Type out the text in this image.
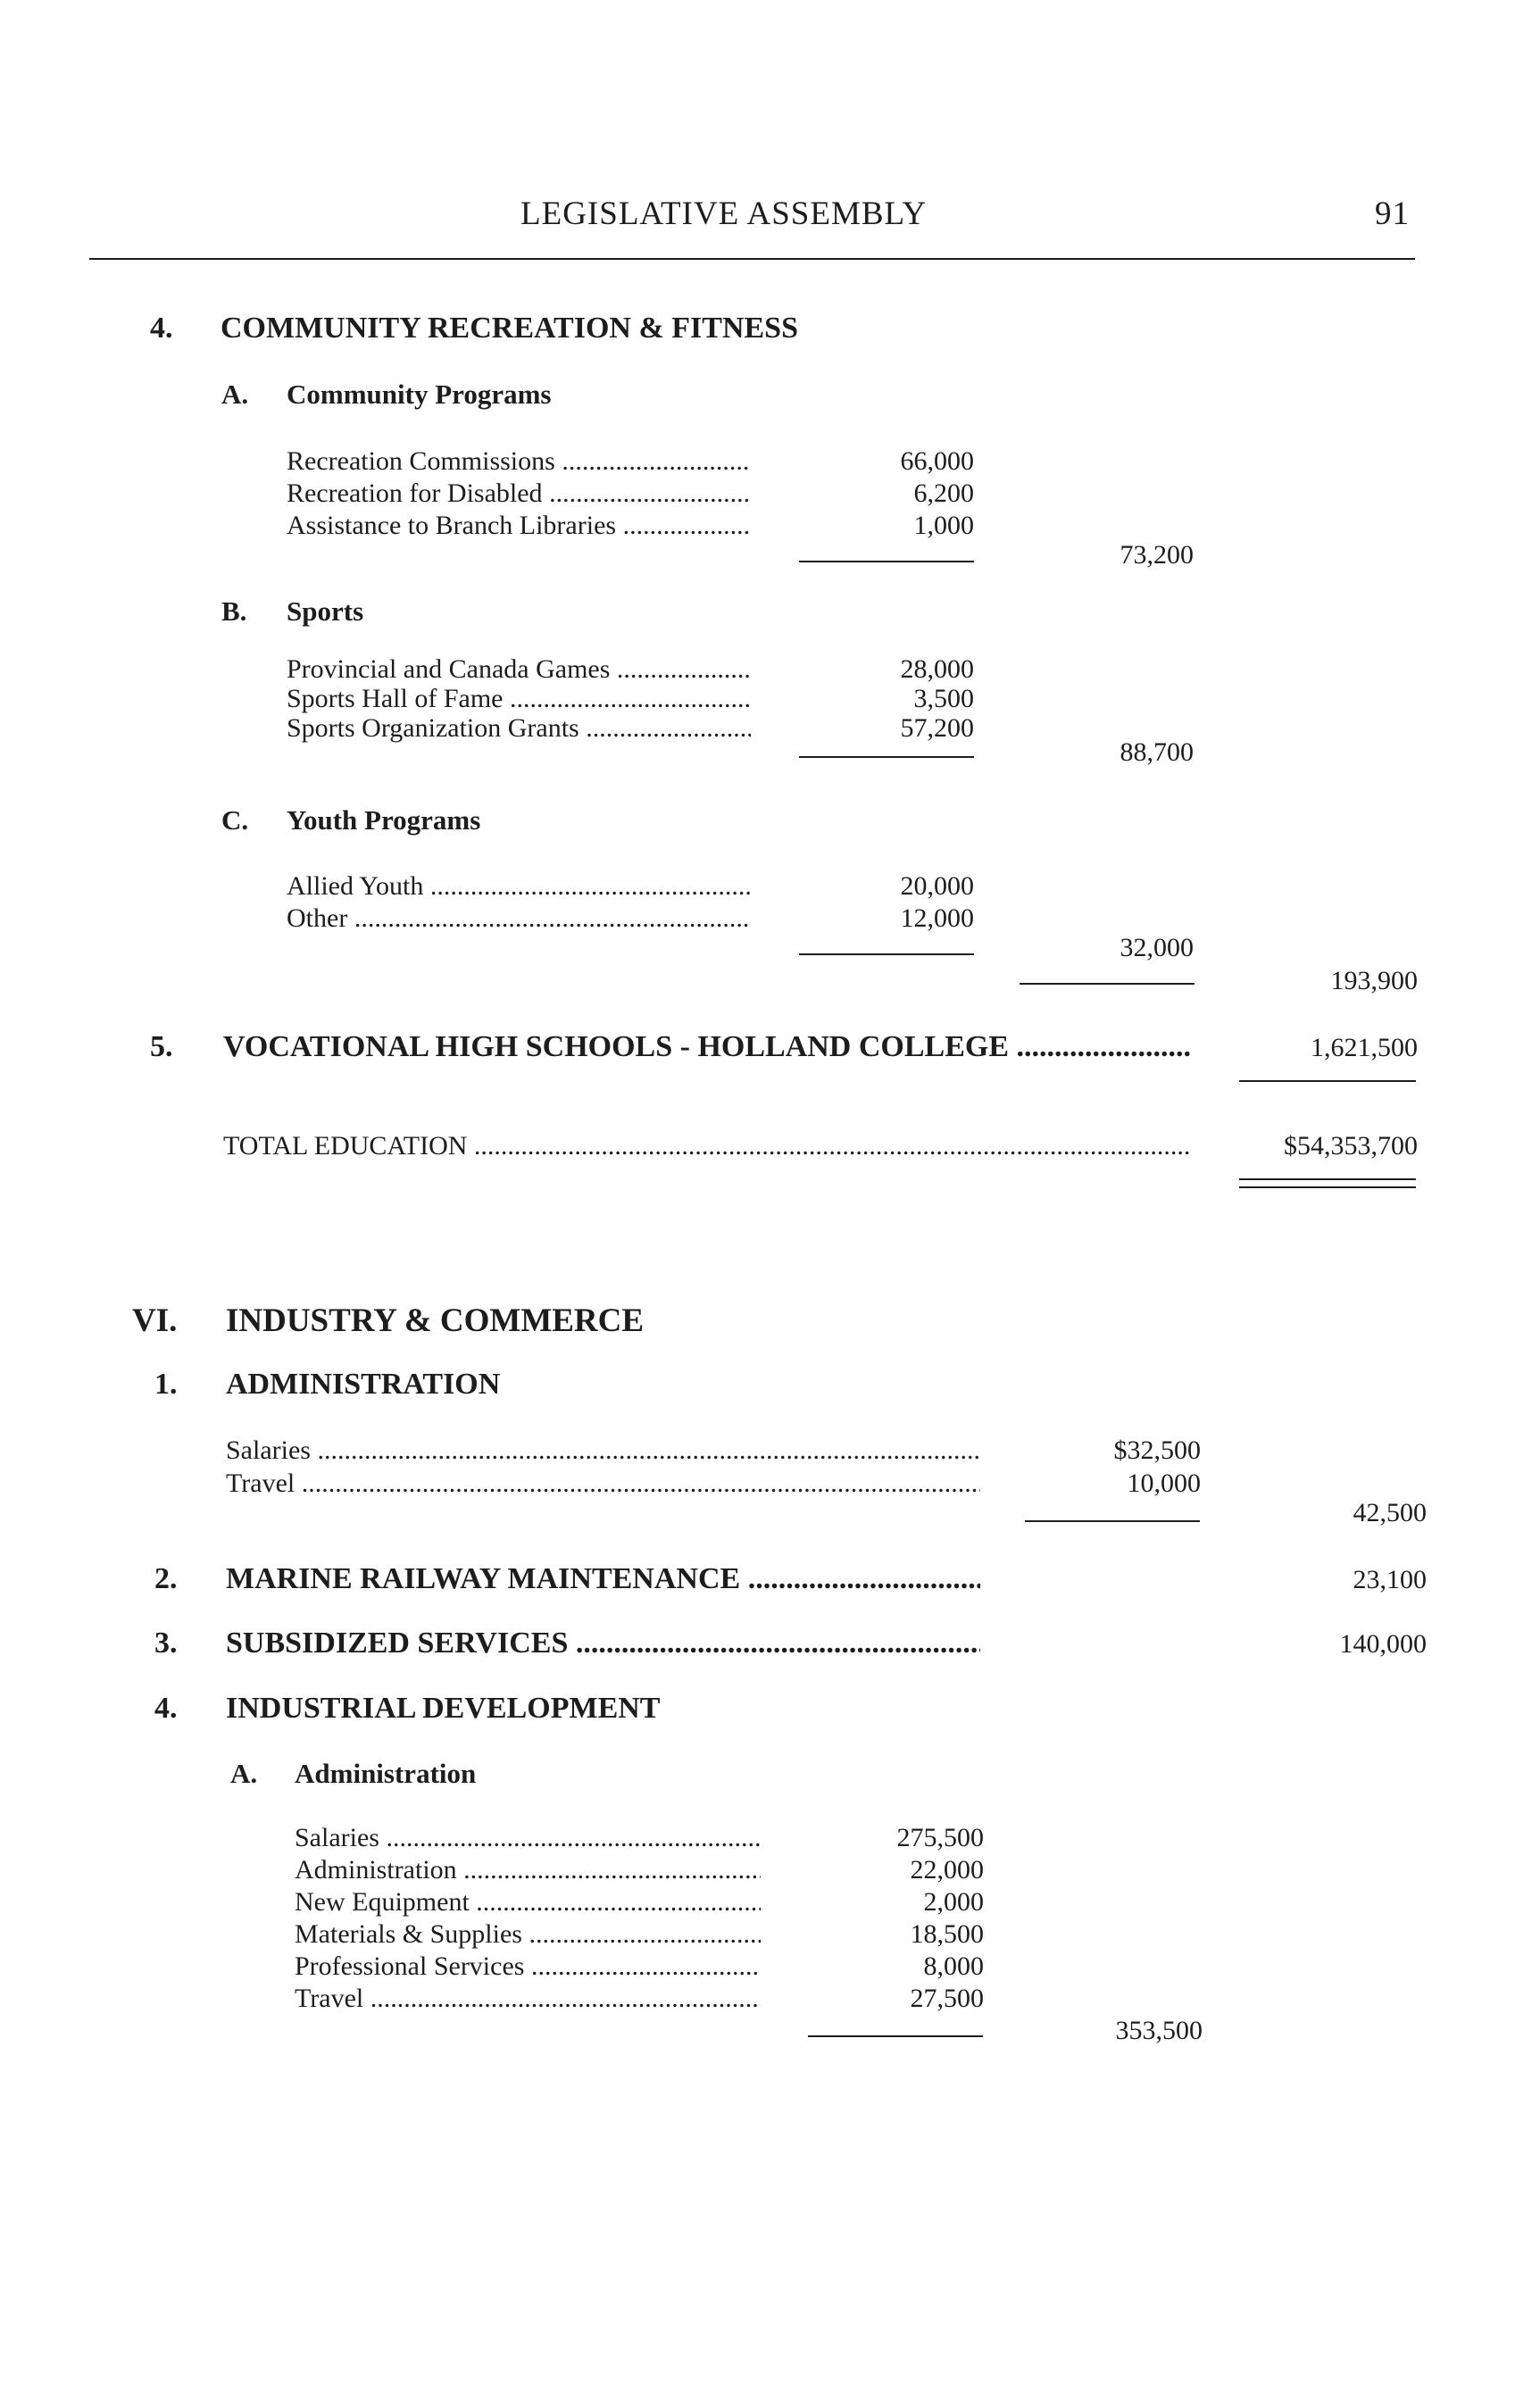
LEGISLATIVE ASSEMBLY	91
4. COMMUNITY RECREATION & FITNESS
A. Community Programs
Recreation Commissions .....	66,000
Recreation for Disabled .....	6,200
Assistance to Branch Libraries .....	1,000
73,200
B. Sports
Provincial and Canada Games .....	28,000
Sports Hall of Fame .....	3,500
Sports Organization Grants .....	57,200
88,700
C. Youth Programs
Allied Youth .....	20,000
Other .....	12,000
32,000
193,900
5. VOCATIONAL HIGH SCHOOLS - HOLLAND COLLEGE .....	1,621,500
TOTAL EDUCATION .....	$54,353,700
VI. INDUSTRY & COMMERCE
1. ADMINISTRATION
Salaries .....	$32,500
Travel .....	10,000
42,500
2. MARINE RAILWAY MAINTENANCE .....	23,100
3. SUBSIDIZED SERVICES .....	140,000
4. INDUSTRIAL DEVELOPMENT
A. Administration
Salaries .....	275,500
Administration .....	22,000
New Equipment .....	2,000
Materials & Supplies .....	18,500
Professional Services .....	8,000
Travel .....	27,500
353,500
